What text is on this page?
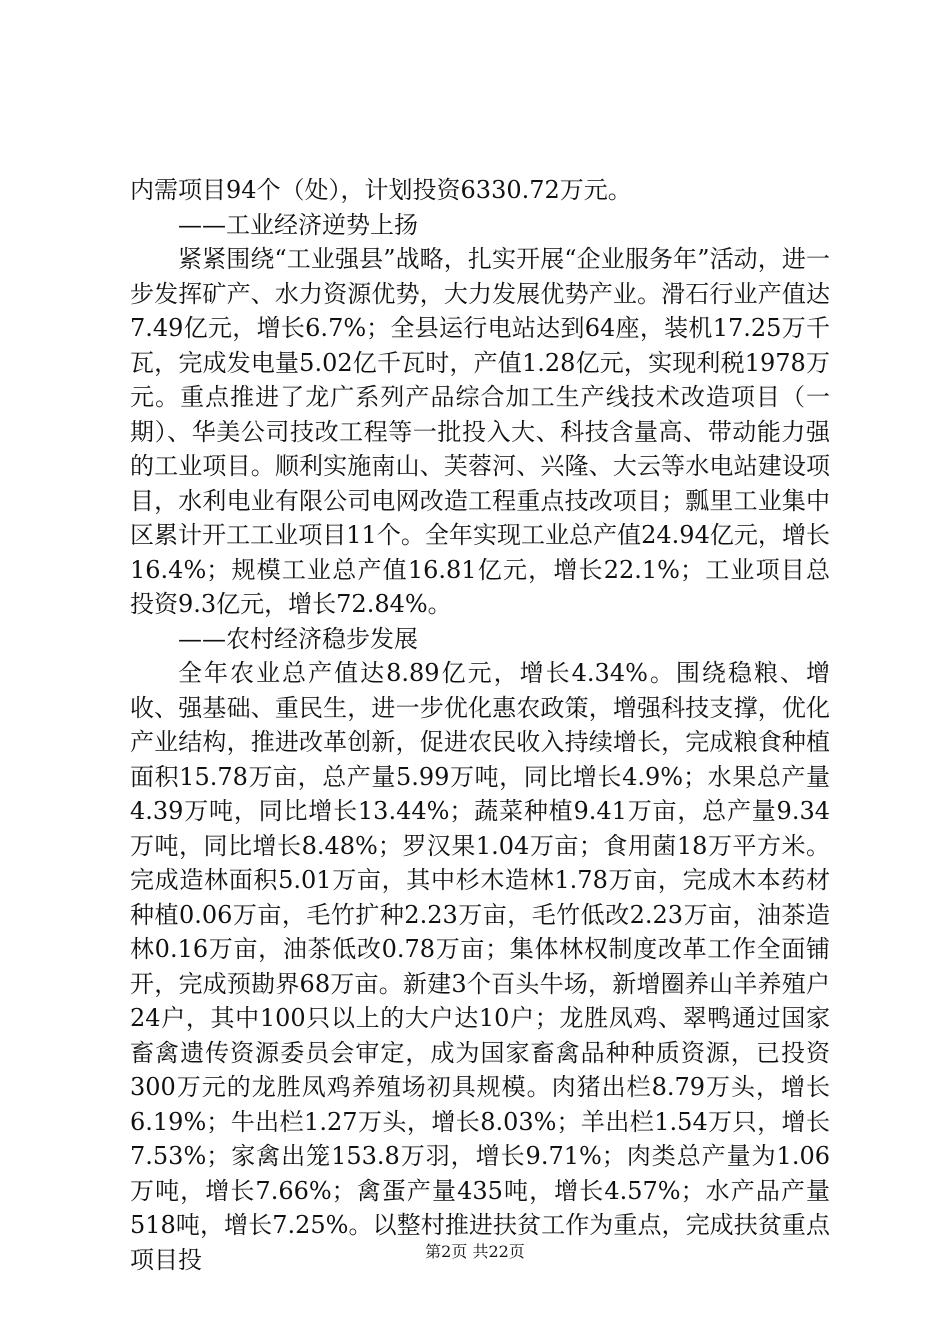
内需项目94个（处），计划投资6330.72万元。

——工业经济逆势上扬

紧紧围绕“工业强县”战略，扎实开展“企业服务年”活动，进一步发挥矿产、水力资源优势，大力发展优势产业。滑石行业产值达7.49亿元，增长6.7%；全县运行电站达到64座，装机17.25万千瓦，完成发电量5.02亿千瓦时，产值1.28亿元，实现利税1978万元。重点推进了龙广系列产品综合加工生产线技术改造项目（一期）、华美公司技改工程等一批投入大、科技含量高、带动能力强的工业项目。顺利实施南山、芙蓉河、兴隆、大云等水电站建设项目，水利电业有限公司电网改造工程重点技改项目；瓢里工业集中区累计开工工业项目11个。全年实现工业总产值24.94亿元，增长16.4%；规模工业总产值16.81亿元，增长22.1%；工业项目总投资9.3亿元，增长72.84%。

——农村经济稳步发展

全年农业总产值达8.89亿元，增长4.34%。围绕稳粮、增收、强基础、重民生，进一步优化惠农政策，增强科技支撑，优化产业结构，推进改革创新，促进农民收入持续增长，完成粮食种植面积15.78万亩，总产量5.99万吨，同比增长4.9%；水果总产量4.39万吨，同比增长13.44%；蔬菜种植9.41万亩，总产量9.34万吨，同比增长8.48%；罗汉果1.04万亩；食用菌18万平方米。完成造林面积5.01万亩，其中杉木造林1.78万亩，完成木本药材种植0.06万亩，毛竹扩种2.23万亩，毛竹低改2.23万亩，油茶造林0.16万亩，油茶低改0.78万亩；集体林权制度改革工作全面铺开，完成预勘界68万亩。新建3个百头牛场，新增圈养山羊养殖户24户，其中100只以上的大户达10户；龙胜凤鸡、翠鸭通过国家畜禽遗传资源委员会审定，成为国家畜禽品种种质资源，已投资300万元的龙胜凤鸡养殖场初具规模。肉猪出栏8.79万头，增长6.19%；牛出栏1.27万头，增长8.03%；羊出栏1.54万只，增长7.53%；家禽出笼153.8万羽，增长9.71%；肉类总产量为1.06万吨，增长7.66%；禽蛋产量435吨，增长4.57%；水产品产量518吨，增长7.25%。以整村推进扶贫工作为重点，完成扶贫重点项目投	第2页 共22页
